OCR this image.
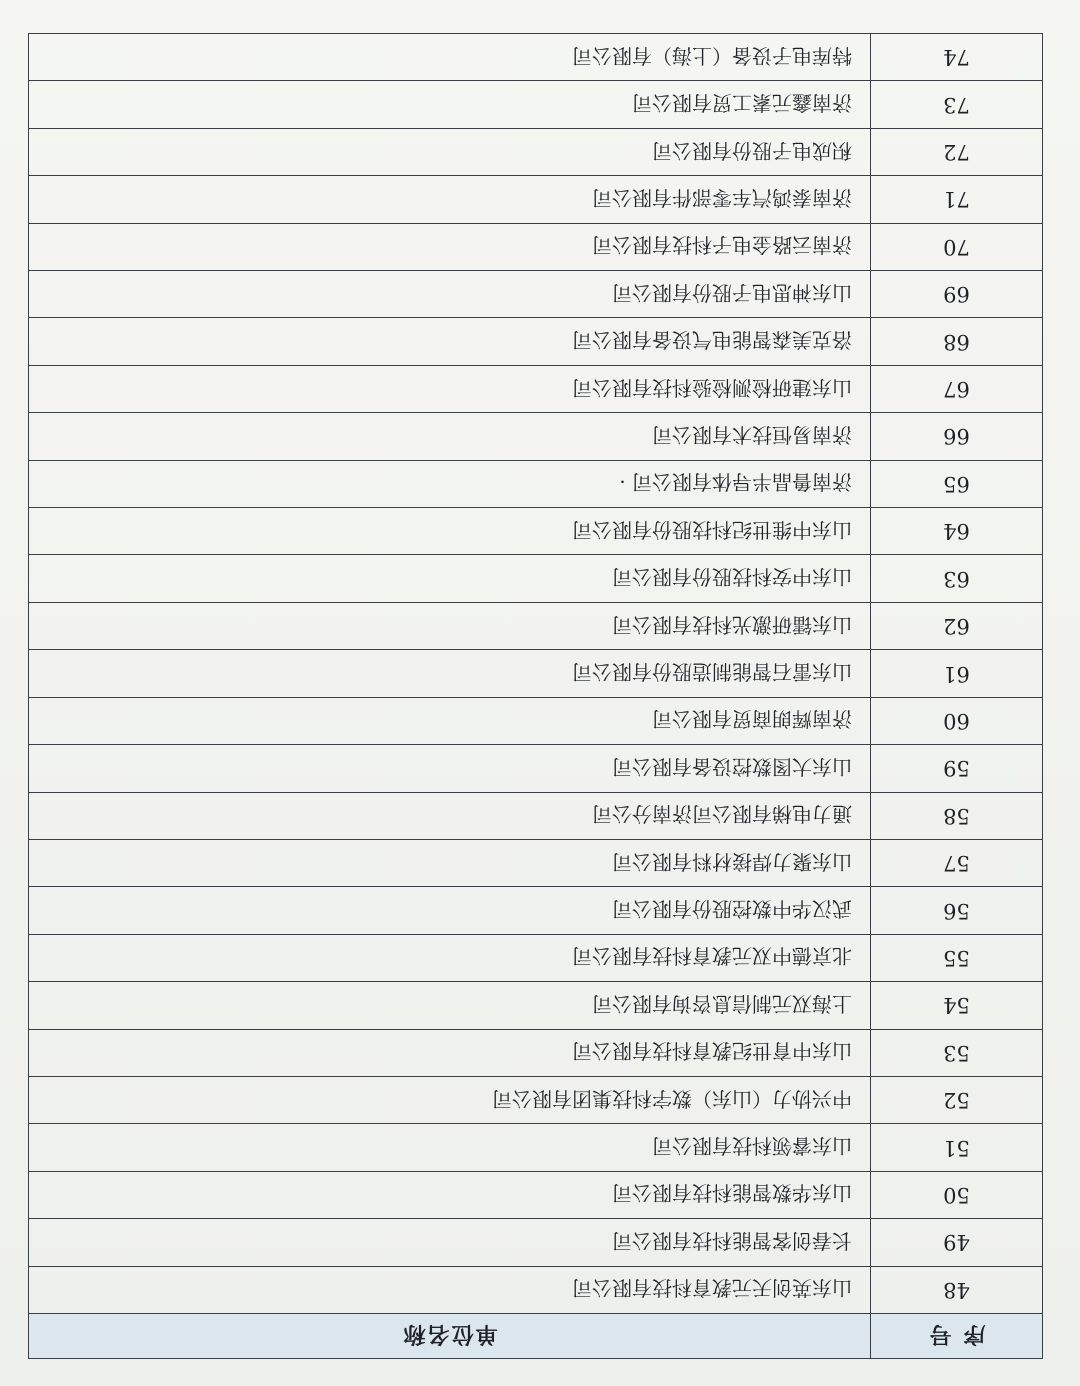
序 号	单位名称
48	山东英创天元教育科技有限公司
49	长春创客智能科技有限公司
50	山东华数智能科技有限公司
51	山东睿领科技有限公司
52	中兴协力（山东）数字科技集团有限公司
53	山东中育世纪教育科技有限公司
54	上海双元制信息咨询有限公司
55	北京德中双元教育科技有限公司
56	武汉华中数控股份有限公司
57	山东聚力焊接材料有限公司
58	通力电梯有限公司济南分公司
59	山东大图数控设备有限公司
60	济南辉朗商贸有限公司
61	山东雷石智能制造股份有限公司
62	山东镭研激光科技有限公司
63	山东中安科技股份有限公司
64	山东中维世纪科技股份有限公司
65	济南鲁晶半导体有限公司 ·
66	济南易恒技术有限公司
67	山东建研检测检验科技有限公司
68	洛克美森智能电气设备有限公司
69	山东神思电子股份有限公司
70	济南云路金电子科技有限公司
71	济南泰鸿汽车零部件有限公司
72	积成电子股份有限公司
73	济南鑫元素工贸有限公司
74	特库电子设备（上海）有限公司
